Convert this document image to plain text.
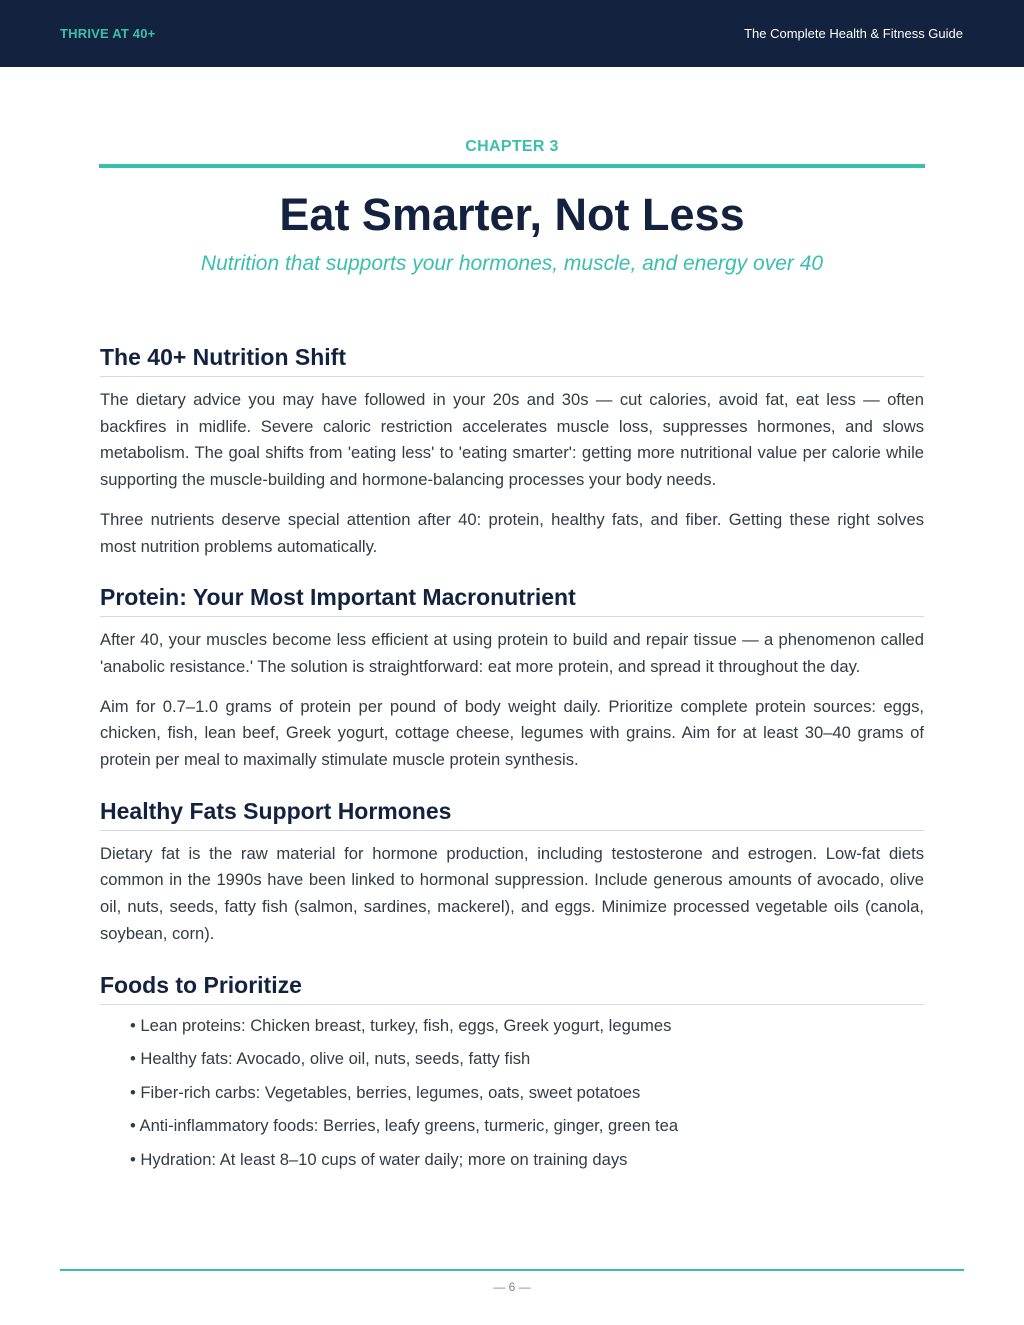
THRIVE AT 40+	The Complete Health & Fitness Guide
CHAPTER 3
Eat Smarter, Not Less
Nutrition that supports your hormones, muscle, and energy over 40
The 40+ Nutrition Shift

The dietary advice you may have followed in your 20s and 30s — cut calories, avoid fat, eat less — often backfires in midlife. Severe caloric restriction accelerates muscle loss, suppresses hormones, and slows metabolism. The goal shifts from 'eating less' to 'eating smarter': getting more nutritional value per calorie while supporting the muscle-building and hormone-balancing processes your body needs.

Three nutrients deserve special attention after 40: protein, healthy fats, and fiber. Getting these right solves most nutrition problems automatically.

Protein: Your Most Important Macronutrient

After 40, your muscles become less efficient at using protein to build and repair tissue — a phenomenon called 'anabolic resistance.' The solution is straightforward: eat more protein, and spread it throughout the day.

Aim for 0.7–1.0 grams of protein per pound of body weight daily. Prioritize complete protein sources: eggs, chicken, fish, lean beef, Greek yogurt, cottage cheese, legumes with grains. Aim for at least 30–40 grams of protein per meal to maximally stimulate muscle protein synthesis.

Healthy Fats Support Hormones

Dietary fat is the raw material for hormone production, including testosterone and estrogen. Low-fat diets common in the 1990s have been linked to hormonal suppression. Include generous amounts of avocado, olive oil, nuts, seeds, fatty fish (salmon, sardines, mackerel), and eggs. Minimize processed vegetable oils (canola, soybean, corn).

Foods to Prioritize
• Lean proteins: Chicken breast, turkey, fish, eggs, Greek yogurt, legumes
• Healthy fats: Avocado, olive oil, nuts, seeds, fatty fish
• Fiber-rich carbs: Vegetables, berries, legumes, oats, sweet potatoes
• Anti-inflammatory foods: Berries, leafy greens, turmeric, ginger, green tea
• Hydration: At least 8–10 cups of water daily; more on training days
— 6 —
